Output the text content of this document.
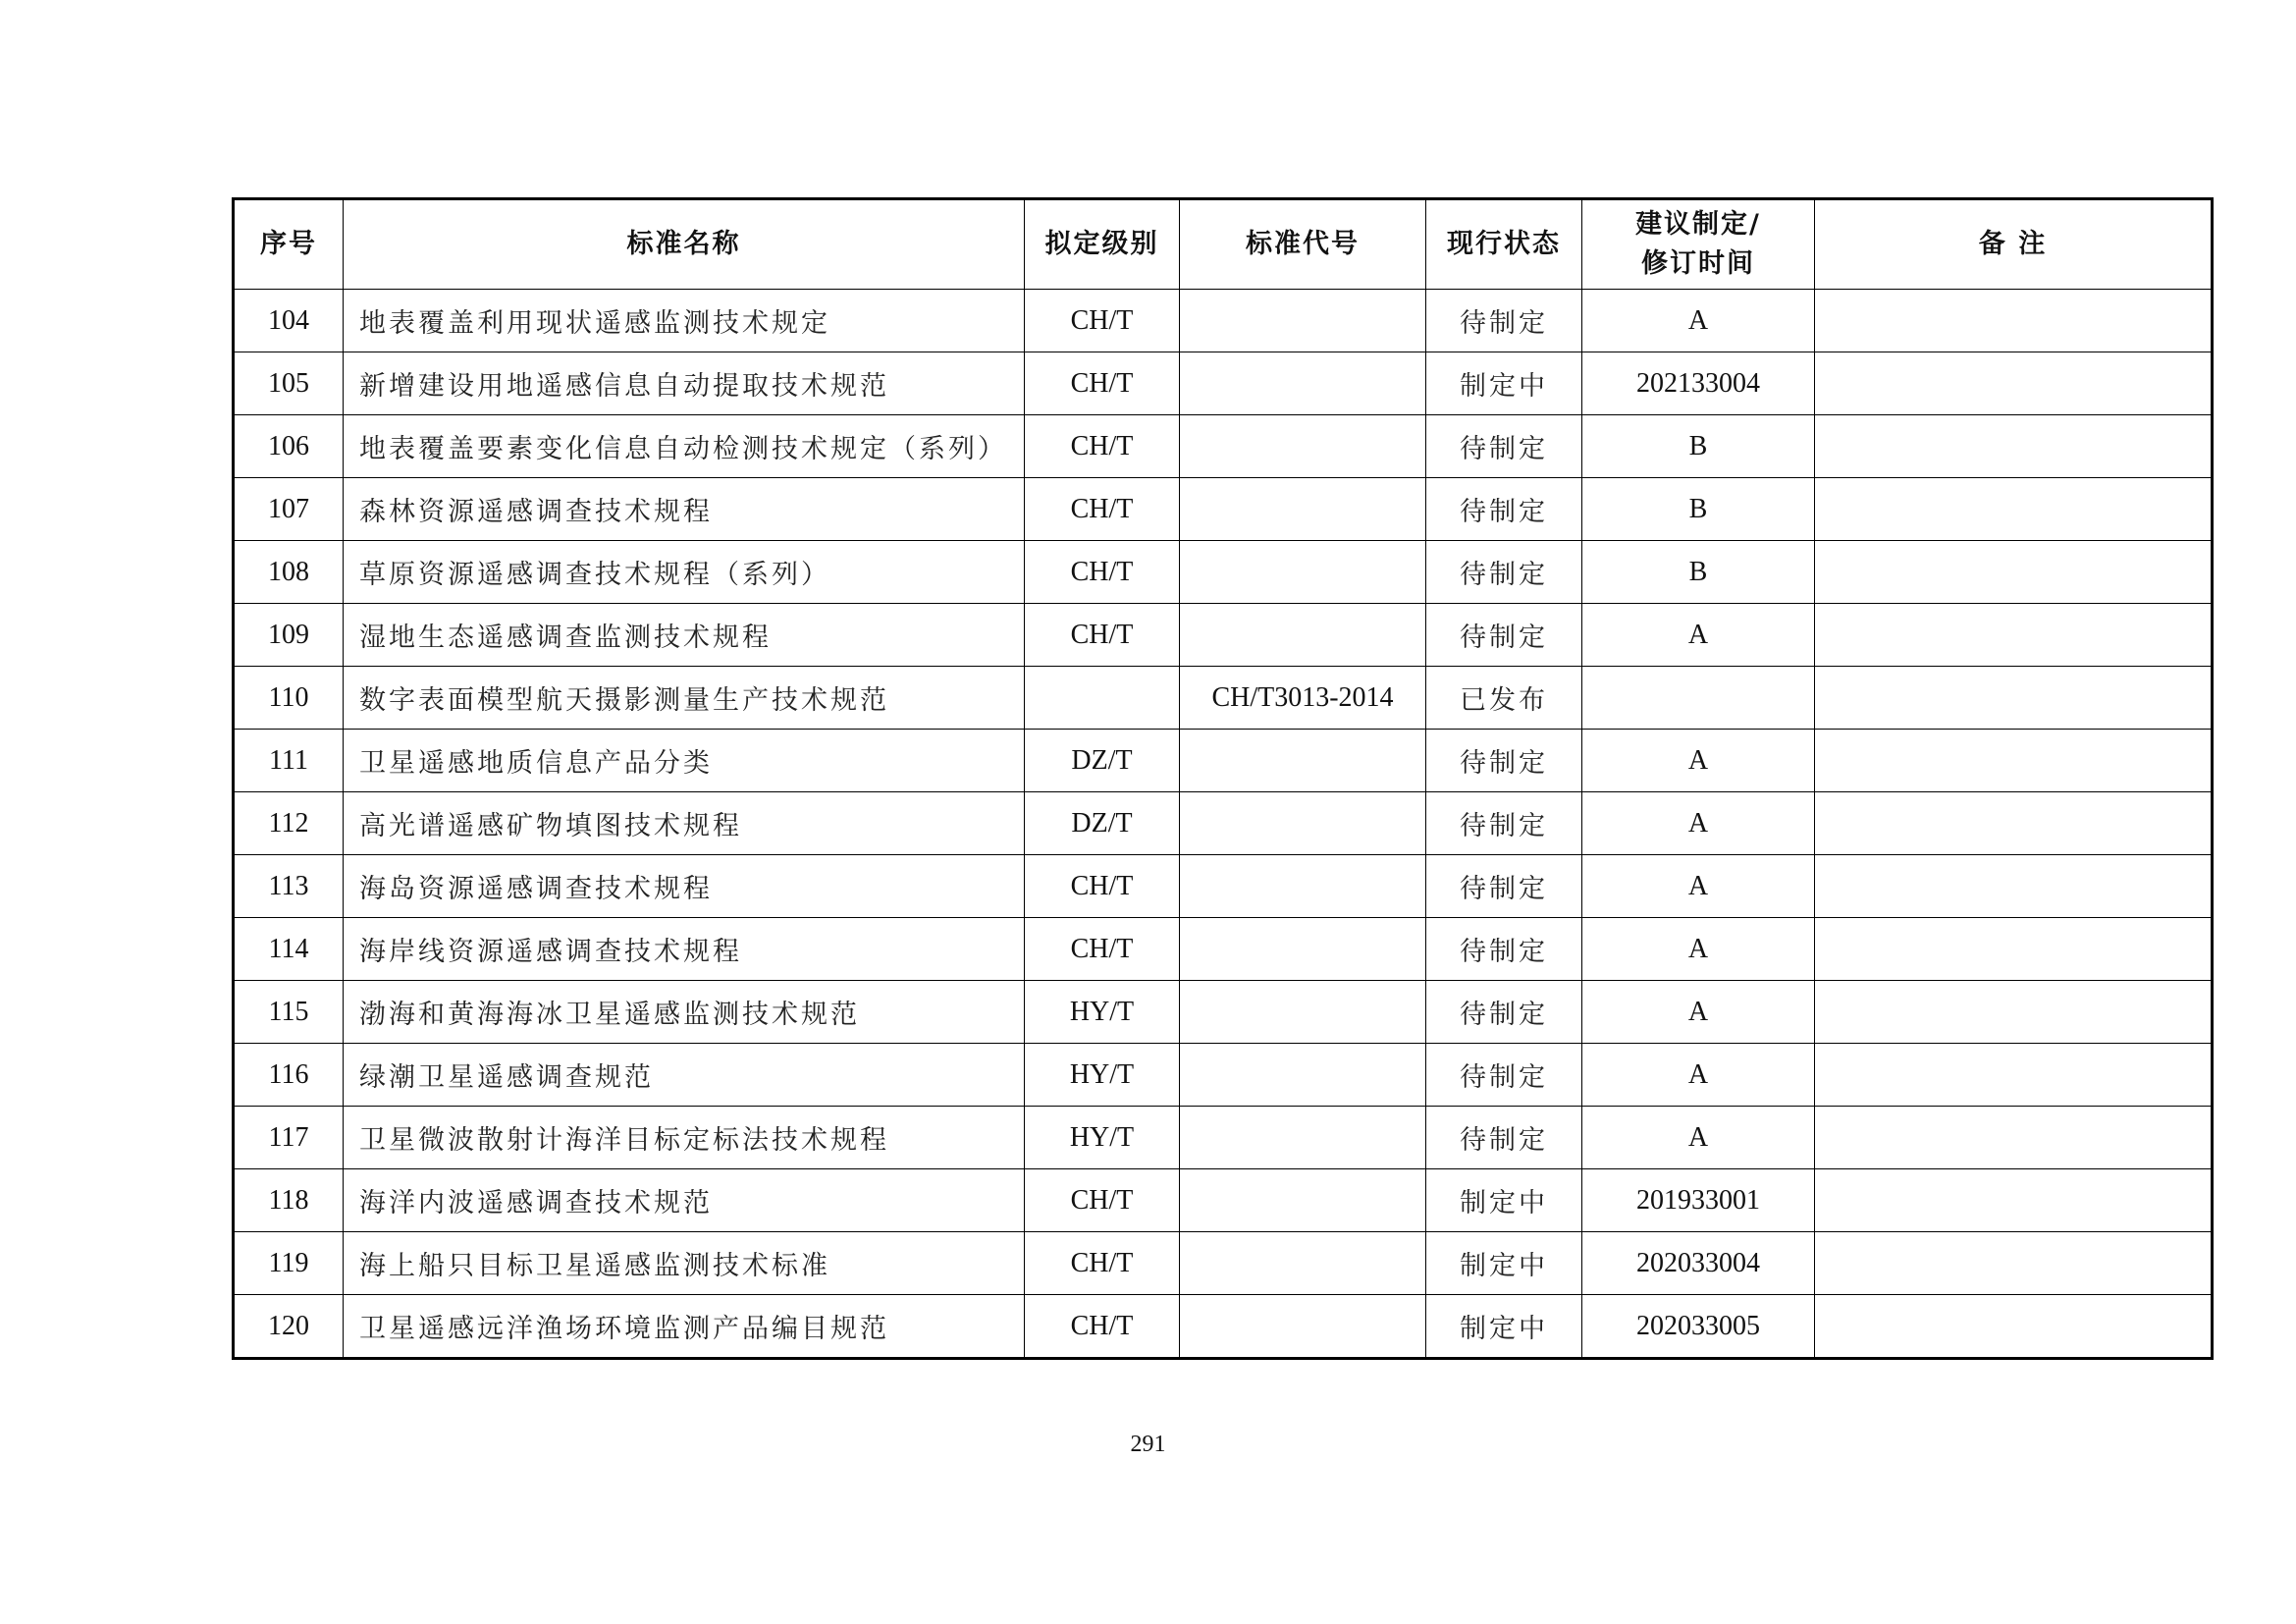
序号	标准名称	拟定级别	标准代号	现行状态	建议制定/
修订时间	备 注
104	地表覆盖利用现状遥感监测技术规定	CH/T		待制定	A	
105	新增建设用地遥感信息自动提取技术规范	CH/T		制定中	202133004	
106	地表覆盖要素变化信息自动检测技术规定（系列）	CH/T		待制定	B	
107	森林资源遥感调查技术规程	CH/T		待制定	B	
108	草原资源遥感调查技术规程（系列）	CH/T		待制定	B	
109	湿地生态遥感调查监测技术规程	CH/T		待制定	A	
110	数字表面模型航天摄影测量生产技术规范		CH/T3013-2014	已发布		
111	卫星遥感地质信息产品分类	DZ/T		待制定	A	
112	高光谱遥感矿物填图技术规程	DZ/T		待制定	A	
113	海岛资源遥感调查技术规程	CH/T		待制定	A	
114	海岸线资源遥感调查技术规程	CH/T		待制定	A	
115	渤海和黄海海冰卫星遥感监测技术规范	HY/T		待制定	A	
116	绿潮卫星遥感调查规范	HY/T		待制定	A	
117	卫星微波散射计海洋目标定标法技术规程	HY/T		待制定	A	
118	海洋内波遥感调查技术规范	CH/T		制定中	201933001	
119	海上船只目标卫星遥感监测技术标准	CH/T		制定中	202033004	
120	卫星遥感远洋渔场环境监测产品编目规范	CH/T		制定中	202033005	
291
